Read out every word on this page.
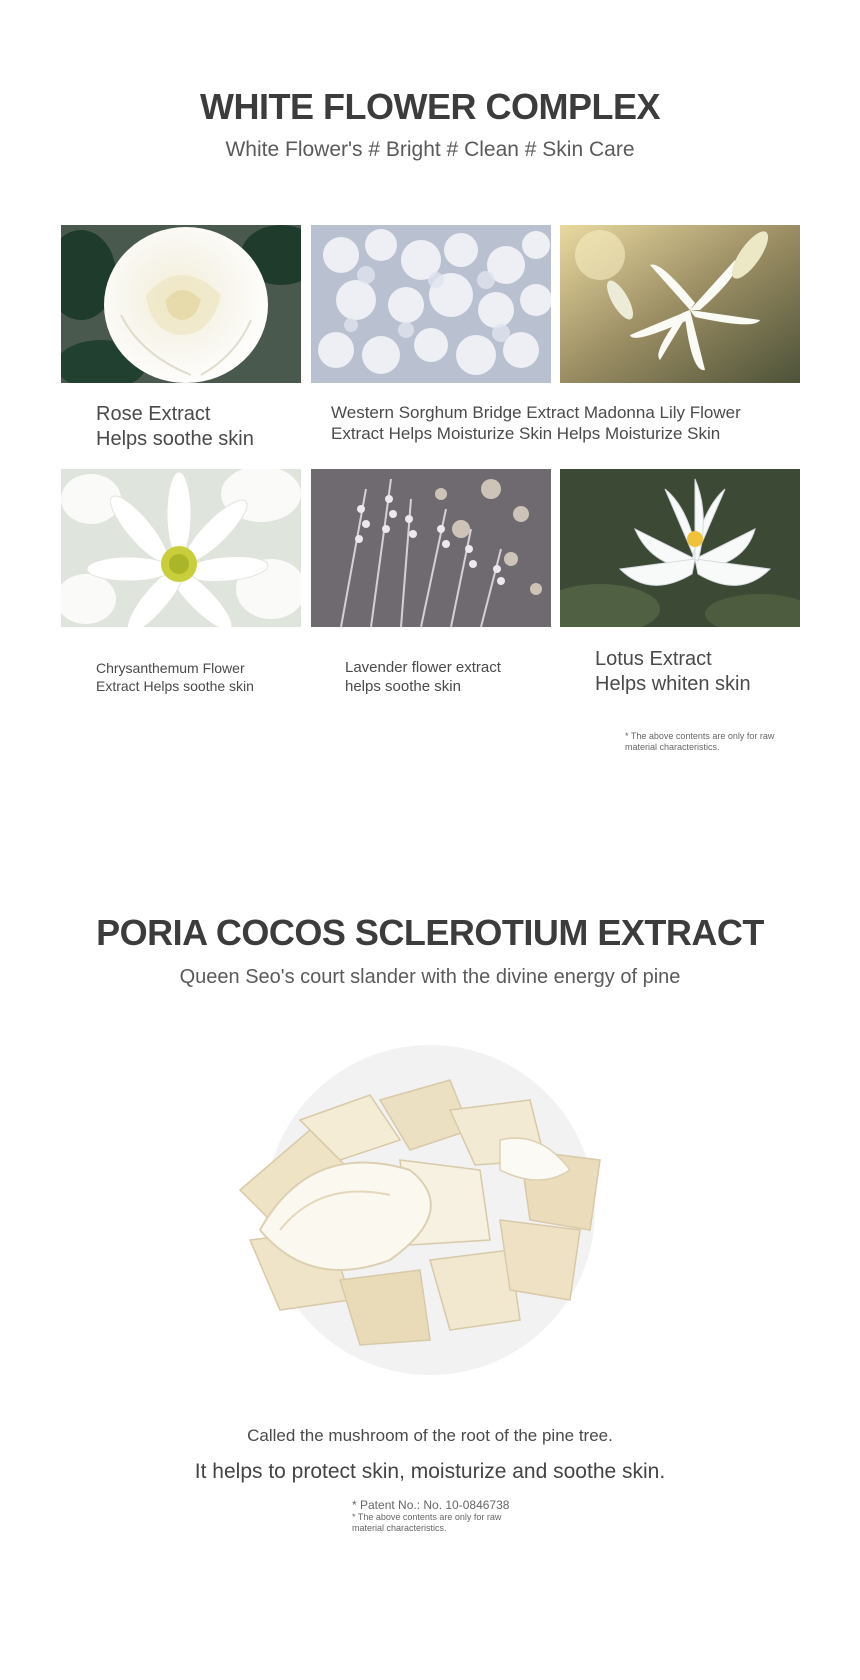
WHITE FLOWER COMPLEX
White Flower's # Bright # Clean # Skin Care
Rose Extract
Helps soothe skin
Western Sorghum Bridge Extract Madonna Lily Flower
Extract Helps Moisturize Skin Helps Moisturize Skin
Chrysanthemum Flower
Extract Helps soothe skin
Lavender flower extract
helps soothe skin
Lotus Extract
Helps whiten skin
* The above contents are only for raw
material characteristics.
PORIA COCOS SCLEROTIUM EXTRACT
Queen Seo's court slander with the divine energy of pine
Called the mushroom of the root of the pine tree.
It helps to protect skin, moisturize and soothe skin.
* Patent No.: No. 10-0846738
* The above contents are only for raw
material characteristics.
